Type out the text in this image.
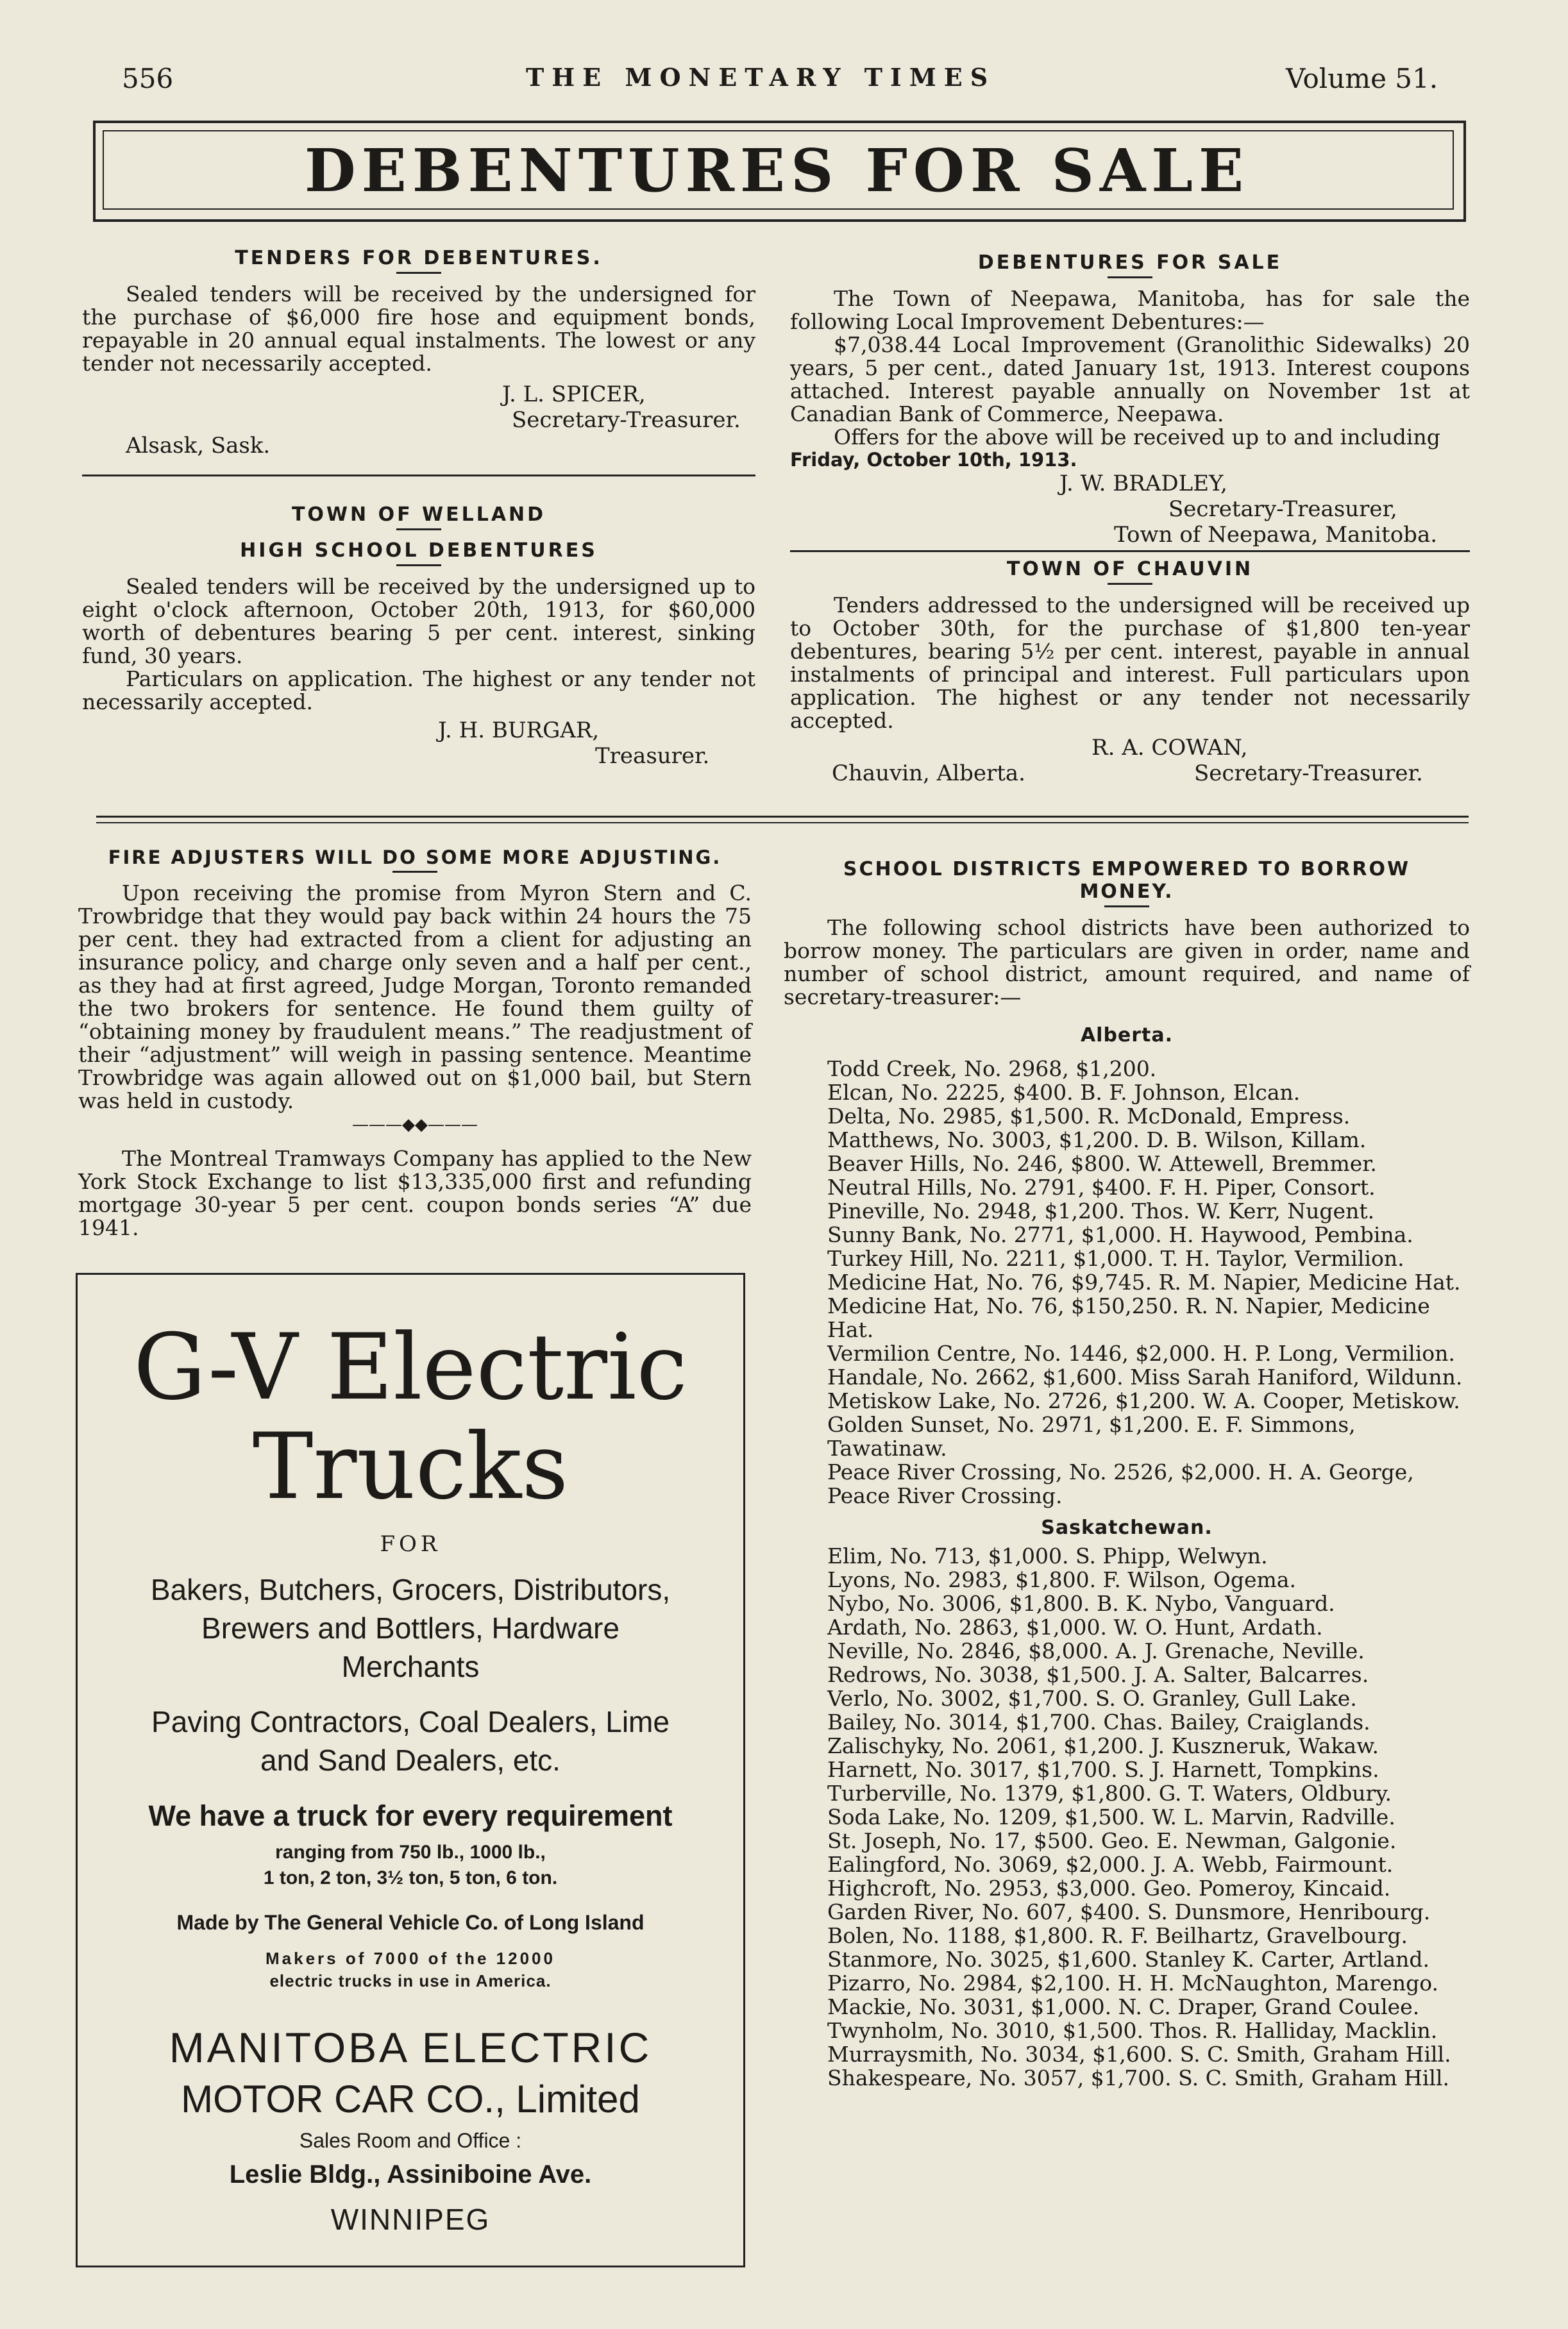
556	THE MONETARY TIMES	Volume 51.
DEBENTURES FOR SALE
TENDERS FOR DEBENTURES.

Sealed tenders will be received by the undersigned for the purchase of $6,000 fire hose and equipment bonds, repayable in 20 annual equal instalments. The lowest or any tender not necessarily accepted.

J. L. SPICER,
Secretary-Treasurer.
Alsask, Sask.
TOWN OF WELLAND
HIGH SCHOOL DEBENTURES

Sealed tenders will be received by the undersigned up to eight o'clock afternoon, October 20th, 1913, for $60,000 worth of debentures bearing 5 per cent. interest, sinking fund, 30 years.

Particulars on application. The highest or any tender not necessarily accepted.

J. H. BURGAR,
Treasurer.
DEBENTURES FOR SALE

The Town of Neepawa, Manitoba, has for sale the following Local Improvement Debentures:—

$7,038.44 Local Improvement (Granolithic Sidewalks) 20 years, 5 per cent., dated January 1st, 1913. Interest coupons attached. Interest payable annually on November 1st at Canadian Bank of Commerce, Neepawa.

Offers for the above will be received up to and including

Friday, October 10th, 1913.
J. W. BRADLEY,
Secretary-Treasurer,
Town of Neepawa, Manitoba.
TOWN OF CHAUVIN

Tenders addressed to the undersigned will be received up to October 30th, for the purchase of $1,800 ten-year debentures, bearing 5½ per cent. interest, payable in annual instalments of principal and interest. Full particulars upon application. The highest or any tender not necessarily accepted.

R. A. COWAN,
Chauvin, Alberta.	Secretary-Treasurer.
FIRE ADJUSTERS WILL DO SOME MORE ADJUSTING.

Upon receiving the promise from Myron Stern and C. Trowbridge that they would pay back within 24 hours the 75 per cent. they had extracted from a client for adjusting an insurance policy, and charge only seven and a half per cent., as they had at first agreed, Judge Morgan, Toronto remanded the two brokers for sentence. He found them guilty of “obtaining money by fraudulent means.” The readjustment of their “adjustment” will weigh in passing sentence. Meantime Trowbridge was again allowed out on $1,000 bail, but Stern was held in custody.

———◆◆———

The Montreal Tramways Company has applied to the New York Stock Exchange to list $13,335,000 first and refunding mortgage 30-year 5 per cent. coupon bonds series “A” due 1941.

G-V Electric
Trucks
FOR
Bakers, Butchers, Grocers, Distributors,
Brewers and Bottlers, Hardware
Merchants
Paving Contractors, Coal Dealers, Lime
and Sand Dealers, etc.
We have a truck for every requirement
ranging from 750 lb., 1000 lb.,
1 ton, 2 ton, 3½ ton, 5 ton, 6 ton.
Made by The General Vehicle Co. of Long Island
Makers of 7000 of the 12000
electric trucks in use in America.
MANITOBA ELECTRIC
MOTOR CAR CO., Limited
Sales Room and Office :
Leslie Bldg., Assiniboine Ave.
WINNIPEG
SCHOOL DISTRICTS EMPOWERED TO BORROW
MONEY.

The following school districts have been authorized to borrow money. The particulars are given in order, name and number of school district, amount required, and name of secretary-treasurer:—

Alberta.
Todd Creek, No. 2968, $1,200.
Elcan, No. 2225, $400. B. F. Johnson, Elcan.
Delta, No. 2985, $1,500. R. McDonald, Empress.
Matthews, No. 3003, $1,200. D. B. Wilson, Killam.
Beaver Hills, No. 246, $800. W. Attewell, Bremmer.
Neutral Hills, No. 2791, $400. F. H. Piper, Consort.
Pineville, No. 2948, $1,200. Thos. W. Kerr, Nugent.
Sunny Bank, No. 2771, $1,000. H. Haywood, Pembina.
Turkey Hill, No. 2211, $1,000. T. H. Taylor, Vermilion.
Medicine Hat, No. 76, $9,745. R. M. Napier, Medicine Hat.
Medicine Hat, No. 76, $150,250. R. N. Napier, Medicine Hat.
Vermilion Centre, No. 1446, $2,000. H. P. Long, Vermilion.
Handale, No. 2662, $1,600. Miss Sarah Haniford, Wildunn.
Metiskow Lake, No. 2726, $1,200. W. A. Cooper, Metiskow.
Golden Sunset, No. 2971, $1,200. E. F. Simmons, Tawatinaw.
Peace River Crossing, No. 2526, $2,000. H. A. George, Peace River Crossing.
Saskatchewan.
Elim, No. 713, $1,000. S. Phipp, Welwyn.
Lyons, No. 2983, $1,800. F. Wilson, Ogema.
Nybo, No. 3006, $1,800. B. K. Nybo, Vanguard.
Ardath, No. 2863, $1,000. W. O. Hunt, Ardath.
Neville, No. 2846, $8,000. A. J. Grenache, Neville.
Redrows, No. 3038, $1,500. J. A. Salter, Balcarres.
Verlo, No. 3002, $1,700. S. O. Granley, Gull Lake.
Bailey, No. 3014, $1,700. Chas. Bailey, Craiglands.
Zalischyky, No. 2061, $1,200. J. Kuszneruk, Wakaw.
Harnett, No. 3017, $1,700. S. J. Harnett, Tompkins.
Turberville, No. 1379, $1,800. G. T. Waters, Oldbury.
Soda Lake, No. 1209, $1,500. W. L. Marvin, Radville.
St. Joseph, No. 17, $500. Geo. E. Newman, Galgonie.
Ealingford, No. 3069, $2,000. J. A. Webb, Fairmount.
Highcroft, No. 2953, $3,000. Geo. Pomeroy, Kincaid.
Garden River, No. 607, $400. S. Dunsmore, Henribourg.
Bolen, No. 1188, $1,800. R. F. Beilhartz, Gravelbourg.
Stanmore, No. 3025, $1,600. Stanley K. Carter, Artland.
Pizarro, No. 2984, $2,100. H. H. McNaughton, Marengo.
Mackie, No. 3031, $1,000. N. C. Draper, Grand Coulee.
Twynholm, No. 3010, $1,500. Thos. R. Halliday, Macklin.
Murraysmith, No. 3034, $1,600. S. C. Smith, Graham Hill.
Shakespeare, No. 3057, $1,700. S. C. Smith, Graham Hill.
